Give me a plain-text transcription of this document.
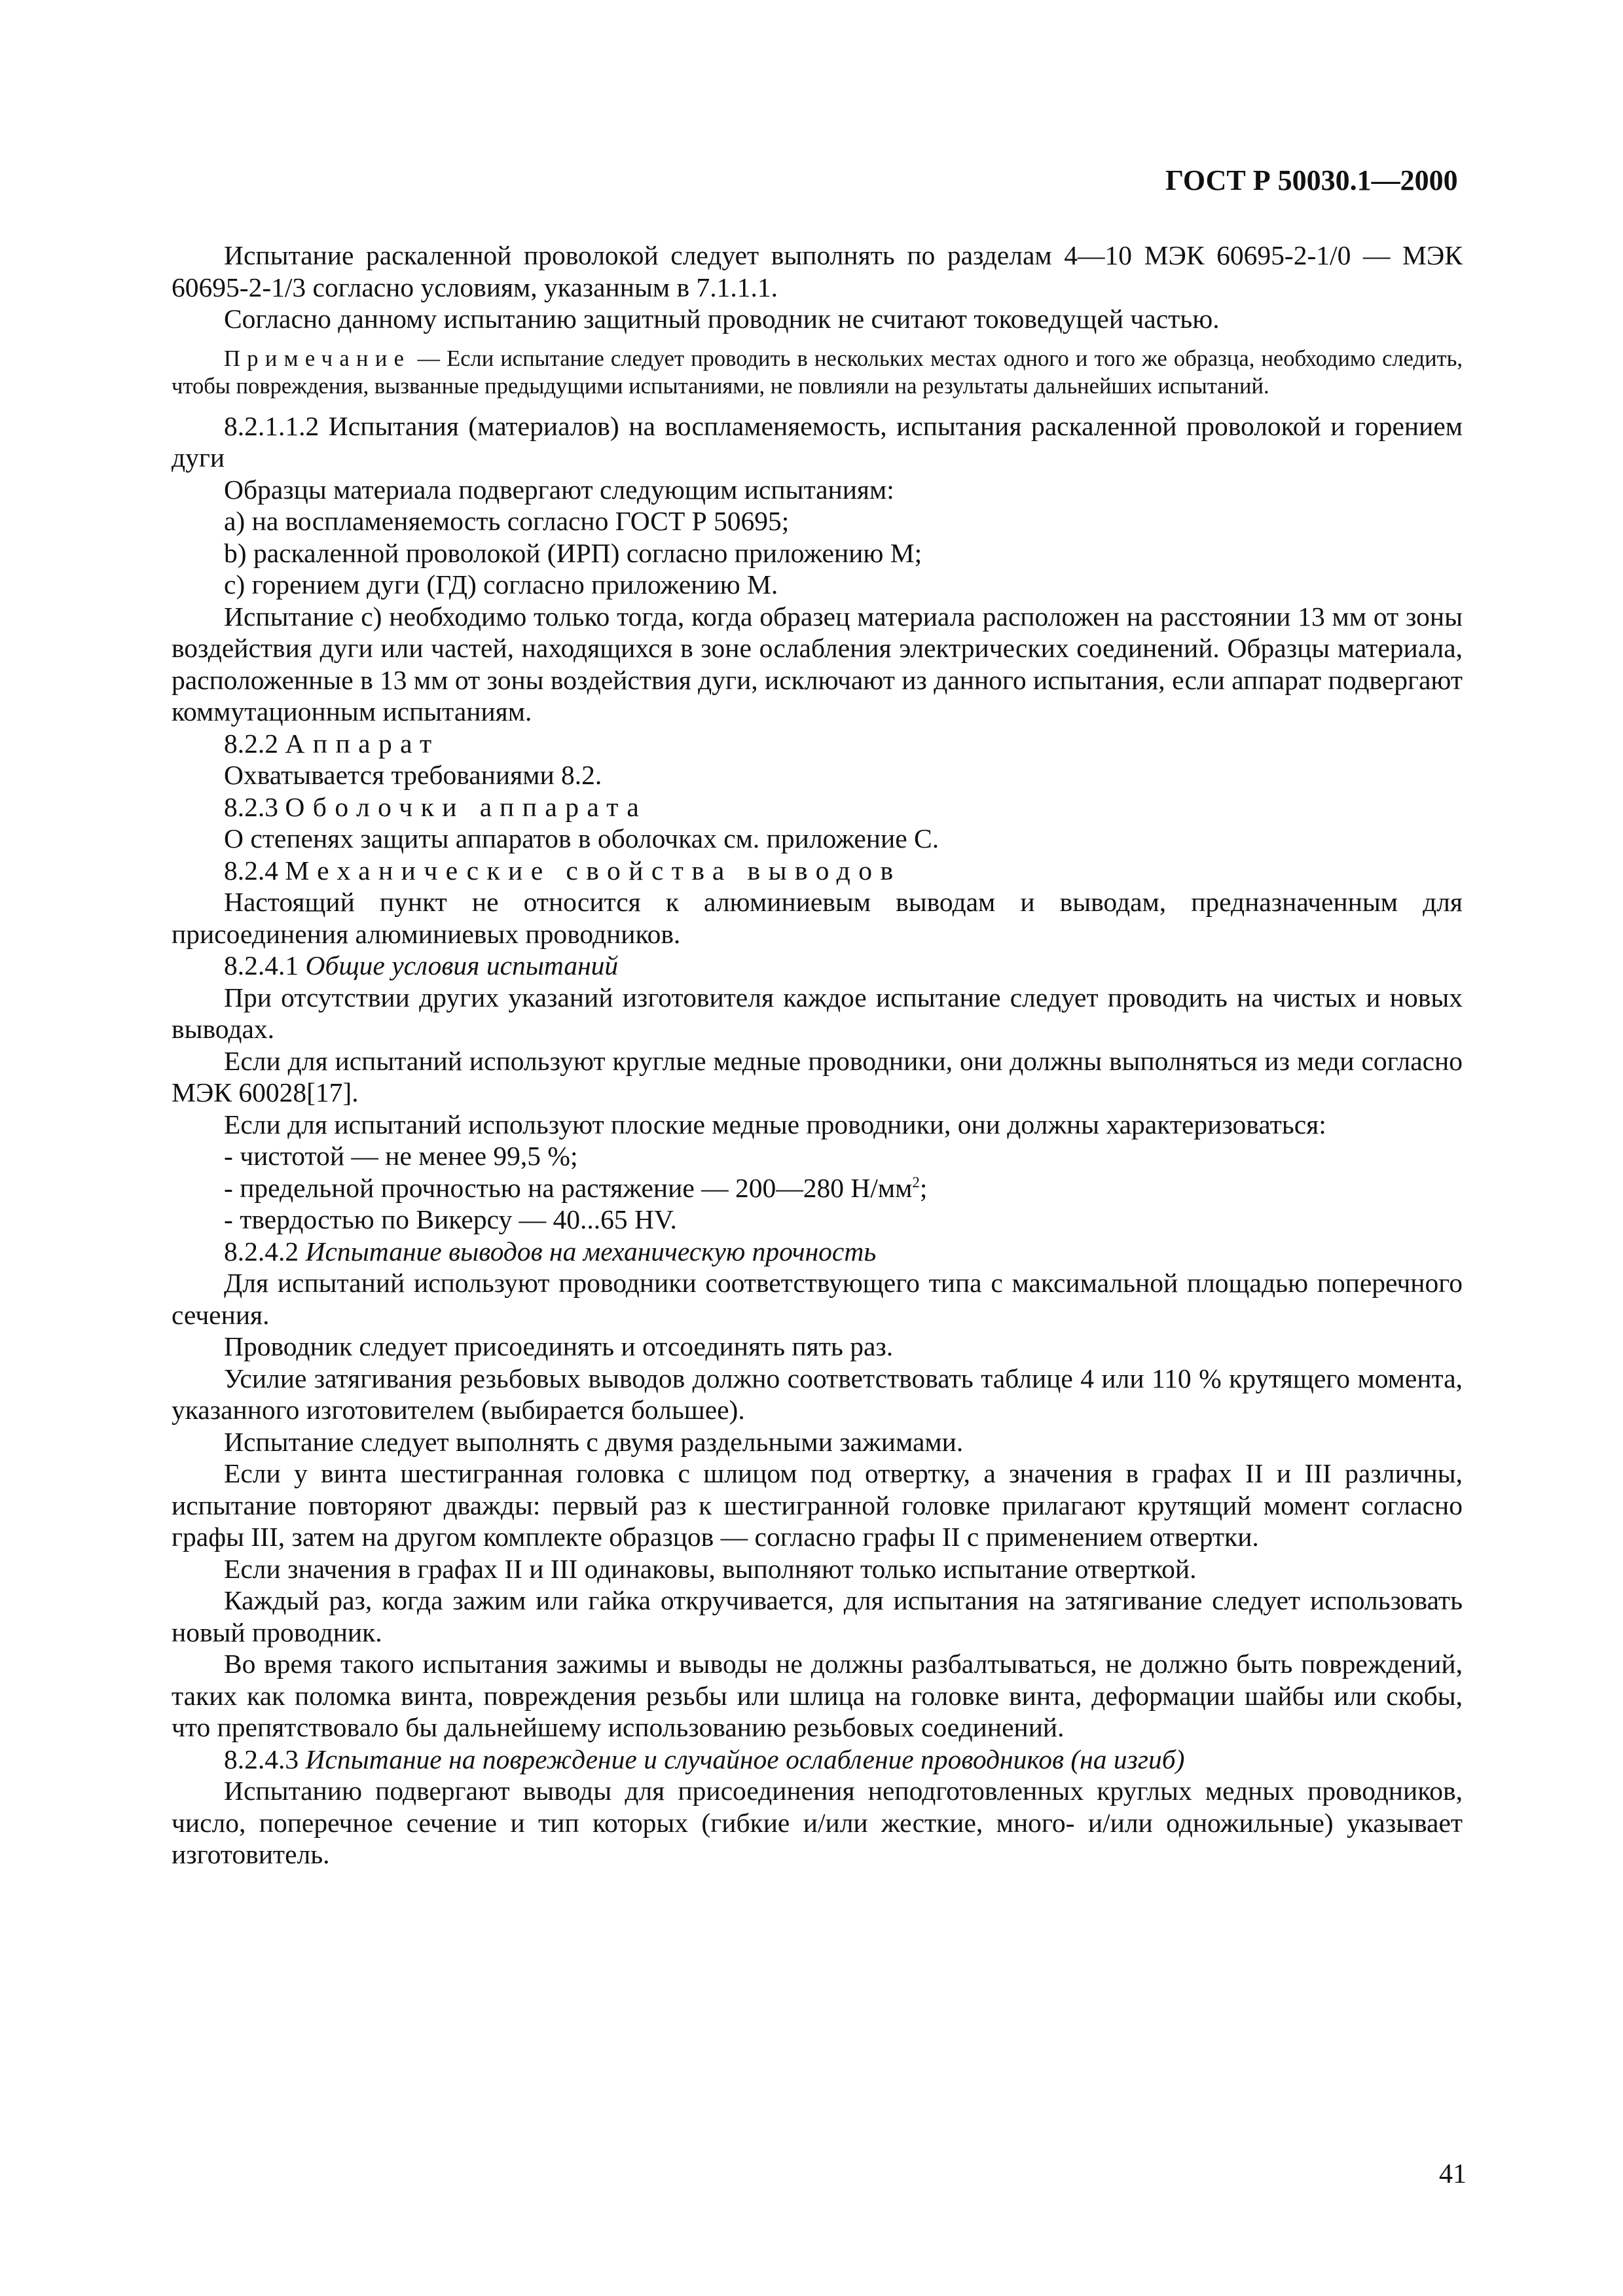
ГОСТ Р 50030.1—2000

Испытание раскаленной проволокой следует выполнять по разделам 4—10 МЭК 60695-2-1/0 — МЭК 60695-2-1/3 согласно условиям, указанным в 7.1.1.1.

Согласно данному испытанию защитный проводник не считают токоведущей частью.

Примечание — Если испытание следует проводить в нескольких местах одного и того же образца, необходимо следить, чтобы повреждения, вызванные предыдущими испытаниями, не повлияли на результаты дальнейших испытаний.

8.2.1.1.2 Испытания (материалов) на воспламеняемость, испытания раскаленной проволокой и горением дуги

Образцы материала подвергают следующим испытаниям:

а) на воспламеняемость согласно ГОСТ Р 50695;

b) раскаленной проволокой (ИРП) согласно приложению М;

с) горением дуги (ГД) согласно приложению М.

Испытание с) необходимо только тогда, когда образец материала расположен на расстоянии 13 мм от зоны воздействия дуги или частей, находящихся в зоне ослабления электрических соединений. Образцы материала, расположенные в 13 мм от зоны воздействия дуги, исключают из данного испытания, если аппарат подвергают коммутационным испытаниям.

8.2.2 Аппарат

Охватывается требованиями 8.2.

8.2.3 Оболочки аппарата

О степенях защиты аппаратов в оболочках см. приложение С.

8.2.4 Механические свойства выводов

Настоящий пункт не относится к алюминиевым выводам и выводам, предназначенным для присоединения алюминиевых проводников.

8.2.4.1 Общие условия испытаний

При отсутствии других указаний изготовителя каждое испытание следует проводить на чистых и новых выводах.

Если для испытаний используют круглые медные проводники, они должны выполняться из меди согласно МЭК 60028[17].

Если для испытаний используют плоские медные проводники, они должны характеризоваться:

- чистотой — не менее 99,5 %;

- предельной прочностью на растяжение — 200—280 $Н/мм^2$;

- твердостью по Викерсу — 40...65 HV.

8.2.4.2 Испытание выводов на механическую прочность

Для испытаний используют проводники соответствующего типа с максимальной площадью поперечного сечения.

Проводник следует присоединять и отсоединять пять раз.

Усилие затягивания резьбовых выводов должно соответствовать таблице 4 или 110 % крутящего момента, указанного изготовителем (выбирается большее).

Испытание следует выполнять с двумя раздельными зажимами.

Если у винта шестигранная головка с шлицом под отвертку, а значения в графах II и III различны, испытание повторяют дважды: первый раз к шестигранной головке прилагают крутящий момент согласно графы III, затем на другом комплекте образцов — согласно графы II с применением отвертки.

Если значения в графах II и III одинаковы, выполняют только испытание отверткой.

Каждый раз, когда зажим или гайка откручивается, для испытания на затягивание следует использовать новый проводник.

Во время такого испытания зажимы и выводы не должны разбалтываться, не должно быть повреждений, таких как поломка винта, повреждения резьбы или шлица на головке винта, деформации шайбы или скобы, что препятствовало бы дальнейшему использованию резьбовых соединений.

8.2.4.3 Испытание на повреждение и случайное ослабление проводников (на изгиб)

Испытанию подвергают выводы для присоединения неподготовленных круглых медных проводников, число, поперечное сечение и тип которых (гибкие и/или жесткие, много- и/или одножильные) указывает изготовитель.

41
